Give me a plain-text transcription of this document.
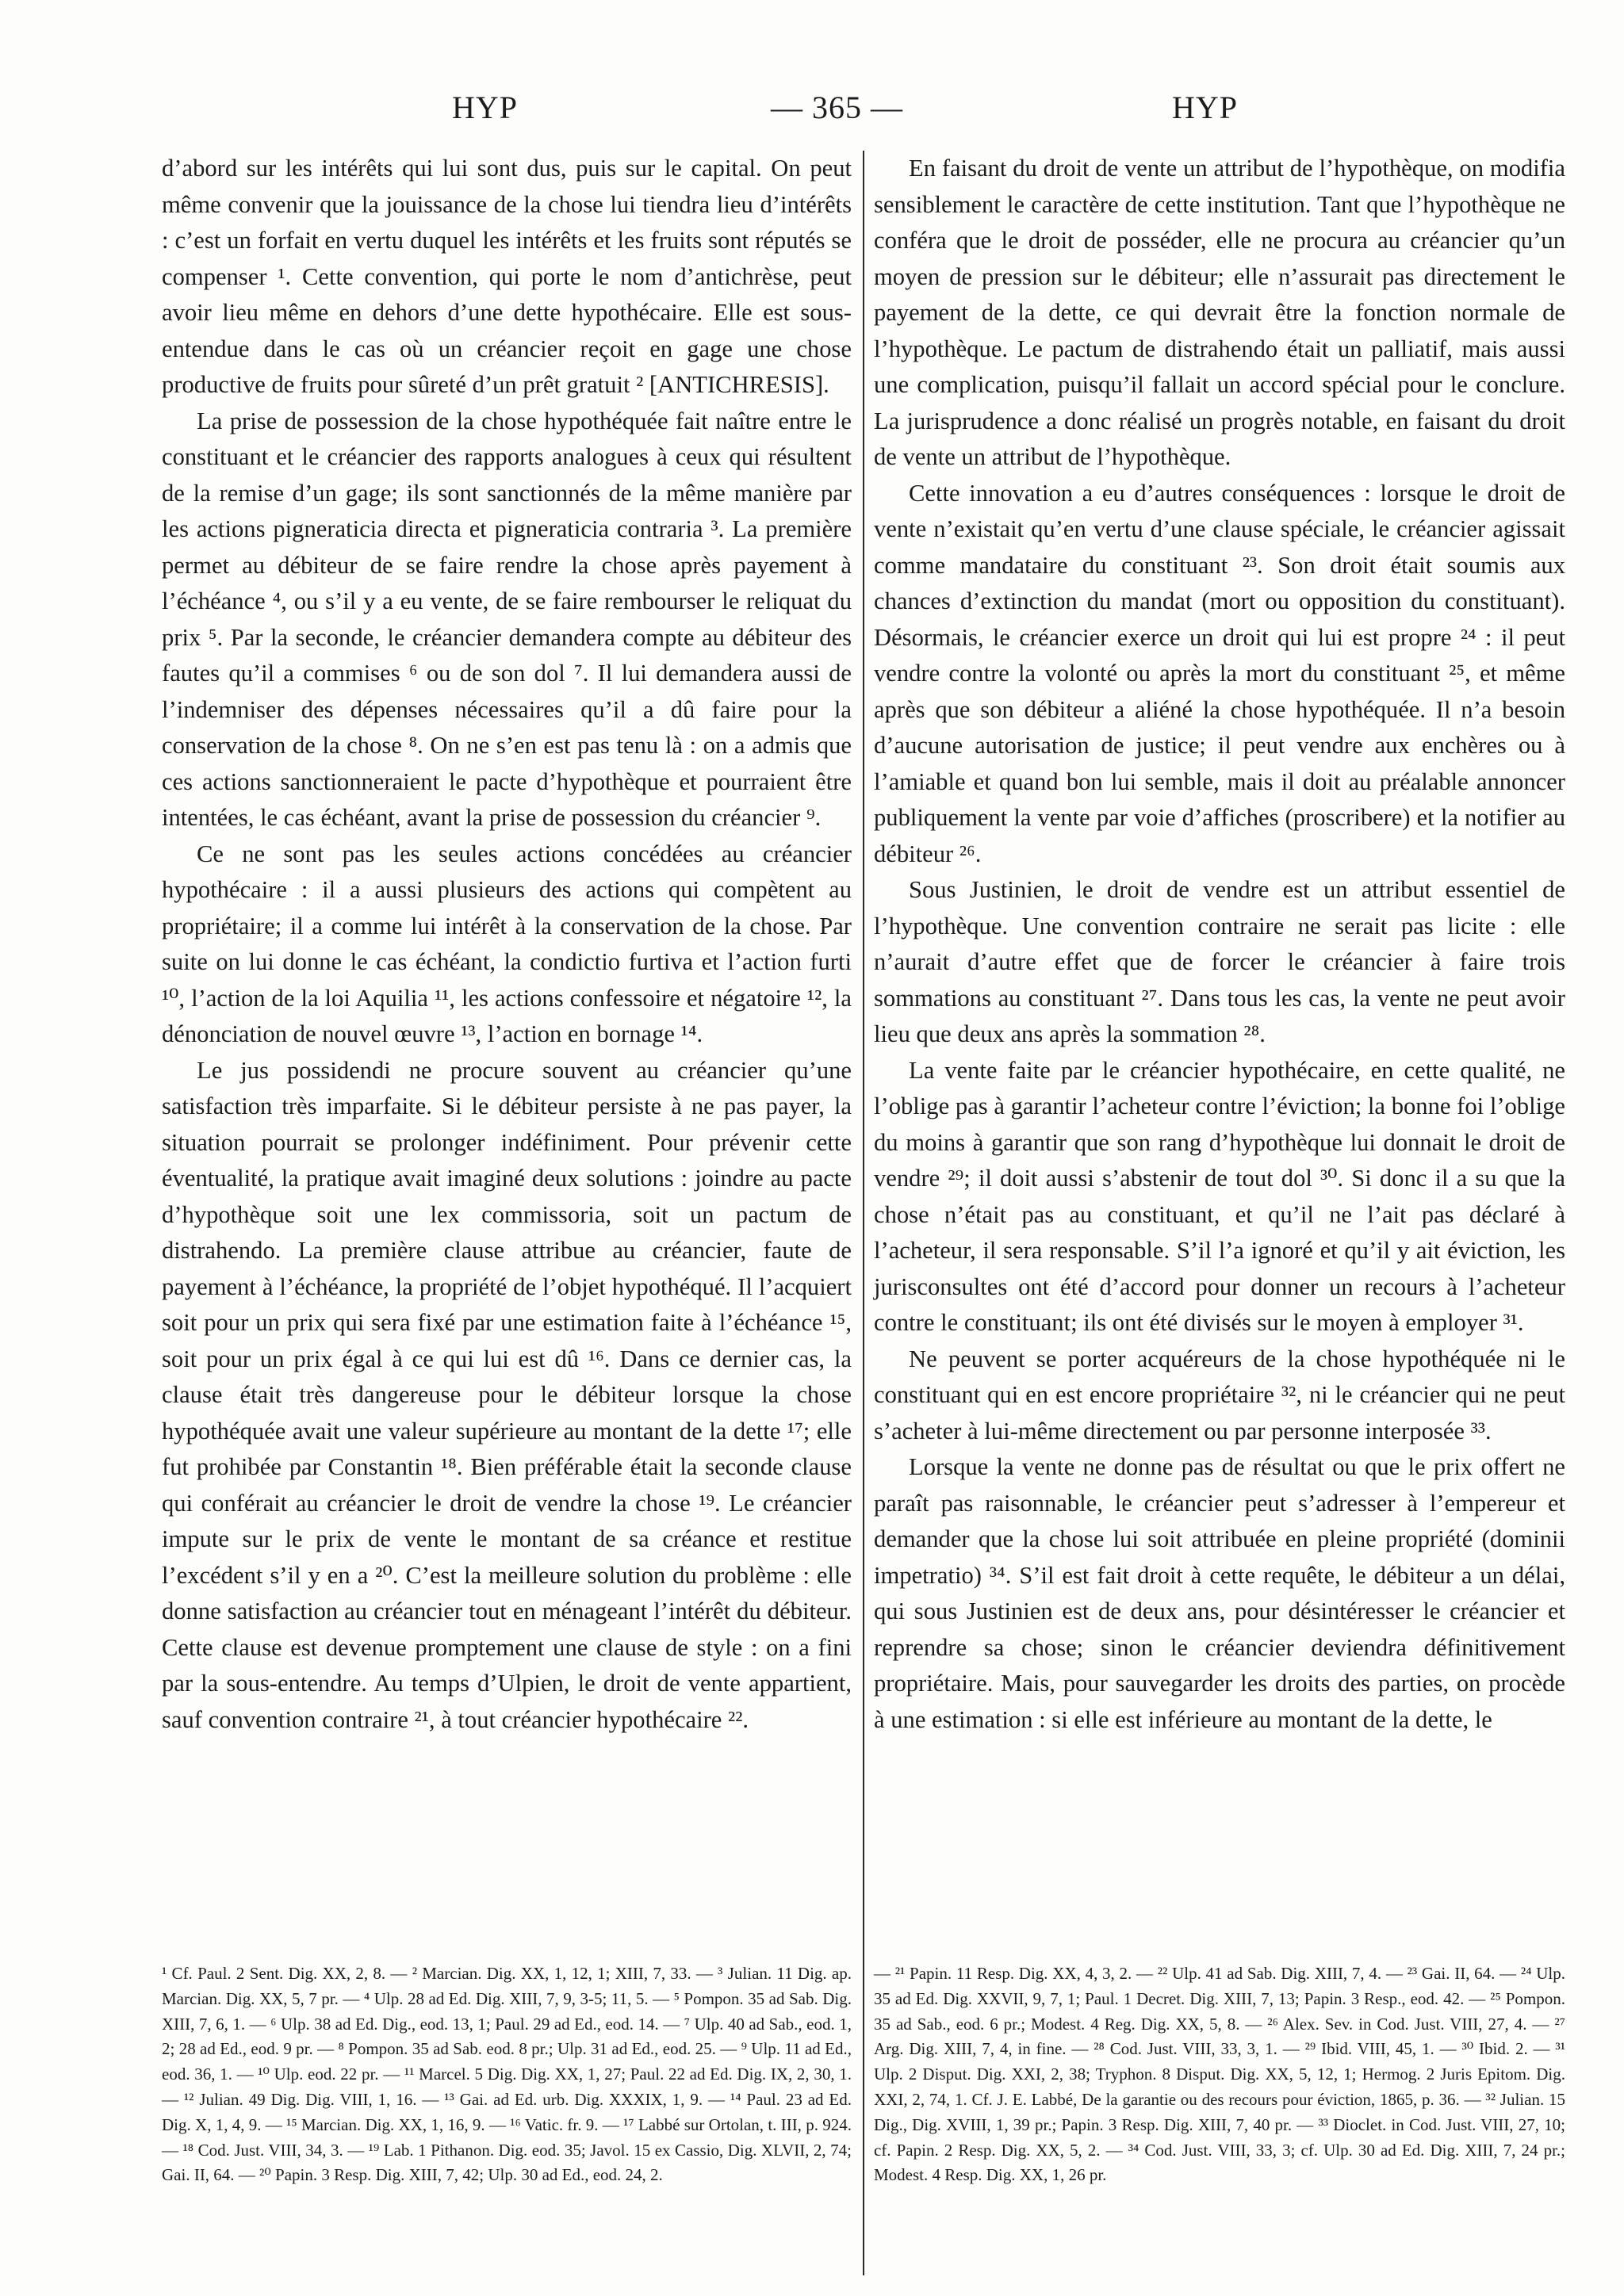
HYP	— 365 —	HYP

d’abord sur les intérêts qui lui sont dus, puis sur le capital. On peut même convenir que la jouissance de la chose lui tiendra lieu d’intérêts : c’est un forfait en vertu duquel les intérêts et les fruits sont réputés se compenser ¹. Cette convention, qui porte le nom d’antichrèse, peut avoir lieu même en dehors d’une dette hypothécaire. Elle est sous-entendue dans le cas où un créancier reçoit en gage une chose productive de fruits pour sûreté d’un prêt gratuit ² [ANTICHRESIS].

La prise de possession de la chose hypothéquée fait naître entre le constituant et le créancier des rapports analogues à ceux qui résultent de la remise d’un gage; ils sont sanctionnés de la même manière par les actions pigneraticia directa et pigneraticia contraria ³. La première permet au débiteur de se faire rendre la chose après payement à l’échéance ⁴, ou s’il y a eu vente, de se faire rembourser le reliquat du prix ⁵. Par la seconde, le créancier demandera compte au débiteur des fautes qu’il a commises ⁶ ou de son dol ⁷. Il lui demandera aussi de l’indemniser des dépenses nécessaires qu’il a dû faire pour la conservation de la chose ⁸. On ne s’en est pas tenu là : on a admis que ces actions sanctionneraient le pacte d’hypothèque et pourraient être intentées, le cas échéant, avant la prise de possession du créancier ⁹.

Ce ne sont pas les seules actions concédées au créancier hypothécaire : il a aussi plusieurs des actions qui compètent au propriétaire; il a comme lui intérêt à la conservation de la chose. Par suite on lui donne le cas échéant, la condictio furtiva et l’action furti ¹⁰, l’action de la loi Aquilia ¹¹, les actions confessoire et négatoire ¹², la dénonciation de nouvel œuvre ¹³, l’action en bornage ¹⁴.

Le jus possidendi ne procure souvent au créancier qu’une satisfaction très imparfaite. Si le débiteur persiste à ne pas payer, la situation pourrait se prolonger indéfiniment. Pour prévenir cette éventualité, la pratique avait imaginé deux solutions : joindre au pacte d’hypothèque soit une lex commissoria, soit un pactum de distrahendo. La première clause attribue au créancier, faute de payement à l’échéance, la propriété de l’objet hypothéqué. Il l’acquiert soit pour un prix qui sera fixé par une estimation faite à l’échéance ¹⁵, soit pour un prix égal à ce qui lui est dû ¹⁶. Dans ce dernier cas, la clause était très dangereuse pour le débiteur lorsque la chose hypothéquée avait une valeur supérieure au montant de la dette ¹⁷; elle fut prohibée par Constantin ¹⁸. Bien préférable était la seconde clause qui conférait au créancier le droit de vendre la chose ¹⁹. Le créancier impute sur le prix de vente le montant de sa créance et restitue l’excédent s’il y en a ²⁰. C’est la meilleure solution du problème : elle donne satisfaction au créancier tout en ménageant l’intérêt du débiteur. Cette clause est devenue promptement une clause de style : on a fini par la sous-entendre. Au temps d’Ulpien, le droit de vente appartient, sauf convention contraire ²¹, à tout créancier hypothécaire ²².

En faisant du droit de vente un attribut de l’hypothèque, on modifia sensiblement le caractère de cette institution. Tant que l’hypothèque ne conféra que le droit de posséder, elle ne procura au créancier qu’un moyen de pression sur le débiteur; elle n’assurait pas directement le payement de la dette, ce qui devrait être la fonction normale de l’hypothèque. Le pactum de distrahendo était un palliatif, mais aussi une complication, puisqu’il fallait un accord spécial pour le conclure. La jurisprudence a donc réalisé un progrès notable, en faisant du droit de vente un attribut de l’hypothèque.

Cette innovation a eu d’autres conséquences : lorsque le droit de vente n’existait qu’en vertu d’une clause spéciale, le créancier agissait comme mandataire du constituant ²³. Son droit était soumis aux chances d’extinction du mandat (mort ou opposition du constituant). Désormais, le créancier exerce un droit qui lui est propre ²⁴ : il peut vendre contre la volonté ou après la mort du constituant ²⁵, et même après que son débiteur a aliéné la chose hypothéquée. Il n’a besoin d’aucune autorisation de justice; il peut vendre aux enchères ou à l’amiable et quand bon lui semble, mais il doit au préalable annoncer publiquement la vente par voie d’affiches (proscribere) et la notifier au débiteur ²⁶.

Sous Justinien, le droit de vendre est un attribut essentiel de l’hypothèque. Une convention contraire ne serait pas licite : elle n’aurait d’autre effet que de forcer le créancier à faire trois sommations au constituant ²⁷. Dans tous les cas, la vente ne peut avoir lieu que deux ans après la sommation ²⁸.

La vente faite par le créancier hypothécaire, en cette qualité, ne l’oblige pas à garantir l’acheteur contre l’éviction; la bonne foi l’oblige du moins à garantir que son rang d’hypothèque lui donnait le droit de vendre ²⁹; il doit aussi s’abstenir de tout dol ³⁰. Si donc il a su que la chose n’était pas au constituant, et qu’il ne l’ait pas déclaré à l’acheteur, il sera responsable. S’il l’a ignoré et qu’il y ait éviction, les jurisconsultes ont été d’accord pour donner un recours à l’acheteur contre le constituant; ils ont été divisés sur le moyen à employer ³¹.

Ne peuvent se porter acquéreurs de la chose hypothéquée ni le constituant qui en est encore propriétaire ³², ni le créancier qui ne peut s’acheter à lui-même directement ou par personne interposée ³³.

Lorsque la vente ne donne pas de résultat ou que le prix offert ne paraît pas raisonnable, le créancier peut s’adresser à l’empereur et demander que la chose lui soit attribuée en pleine propriété (dominii impetratio) ³⁴. S’il est fait droit à cette requête, le débiteur a un délai, qui sous Justinien est de deux ans, pour désintéresser le créancier et reprendre sa chose; sinon le créancier deviendra définitivement propriétaire. Mais, pour sauvegarder les droits des parties, on procède à une estimation : si elle est inférieure au montant de la dette, le

¹ Cf. Paul. 2 Sent. Dig. XX, 2, 8. — ² Marcian. Dig. XX, 1, 12, 1; XIII, 7, 33. — ³ Julian. 11 Dig. ap. Marcian. Dig. XX, 5, 7 pr. — ⁴ Ulp. 28 ad Ed. Dig. XIII, 7, 9, 3-5; 11, 5. — ⁵ Pompon. 35 ad Sab. Dig. XIII, 7, 6, 1. — ⁶ Ulp. 38 ad Ed. Dig., eod. 13, 1; Paul. 29 ad Ed., eod. 14. — ⁷ Ulp. 40 ad Sab., eod. 1, 2; 28 ad Ed., eod. 9 pr. — ⁸ Pompon. 35 ad Sab. eod. 8 pr.; Ulp. 31 ad Ed., eod. 25. — ⁹ Ulp. 11 ad Ed., eod. 36, 1. — ¹⁰ Ulp. eod. 22 pr. — ¹¹ Marcel. 5 Dig. Dig. XX, 1, 27; Paul. 22 ad Ed. Dig. IX, 2, 30, 1. — ¹² Julian. 49 Dig. Dig. VIII, 1, 16. — ¹³ Gai. ad Ed. urb. Dig. XXXIX, 1, 9. — ¹⁴ Paul. 23 ad Ed. Dig. X, 1, 4, 9. — ¹⁵ Marcian. Dig. XX, 1, 16, 9. — ¹⁶ Vatic. fr. 9. — ¹⁷ Labbé sur Ortolan, t. III, p. 924. — ¹⁸ Cod. Just. VIII, 34, 3. — ¹⁹ Lab. 1 Pithanon. Dig. eod. 35; Javol. 15 ex Cassio, Dig. XLVII, 2, 74; Gai. II, 64. — ²⁰ Papin. 3 Resp. Dig. XIII, 7, 42; Ulp. 30 ad Ed., eod. 24, 2.

— ²¹ Papin. 11 Resp. Dig. XX, 4, 3, 2. — ²² Ulp. 41 ad Sab. Dig. XIII, 7, 4. — ²³ Gai. II, 64. — ²⁴ Ulp. 35 ad Ed. Dig. XXVII, 9, 7, 1; Paul. 1 Decret. Dig. XIII, 7, 13; Papin. 3 Resp., eod. 42. — ²⁵ Pompon. 35 ad Sab., eod. 6 pr.; Modest. 4 Reg. Dig. XX, 5, 8. — ²⁶ Alex. Sev. in Cod. Just. VIII, 27, 4. — ²⁷ Arg. Dig. XIII, 7, 4, in fine. — ²⁸ Cod. Just. VIII, 33, 3, 1. — ²⁹ Ibid. VIII, 45, 1. — ³⁰ Ibid. 2. — ³¹ Ulp. 2 Disput. Dig. XXI, 2, 38; Tryphon. 8 Disput. Dig. XX, 5, 12, 1; Hermog. 2 Juris Epitom. Dig. XXI, 2, 74, 1. Cf. J. E. Labbé, De la garantie ou des recours pour éviction, 1865, p. 36. — ³² Julian. 15 Dig., Dig. XVIII, 1, 39 pr.; Papin. 3 Resp. Dig. XIII, 7, 40 pr. — ³³ Dioclet. in Cod. Just. VIII, 27, 10; cf. Papin. 2 Resp. Dig. XX, 5, 2. — ³⁴ Cod. Just. VIII, 33, 3; cf. Ulp. 30 ad Ed. Dig. XIII, 7, 24 pr.; Modest. 4 Resp. Dig. XX, 1, 26 pr.
